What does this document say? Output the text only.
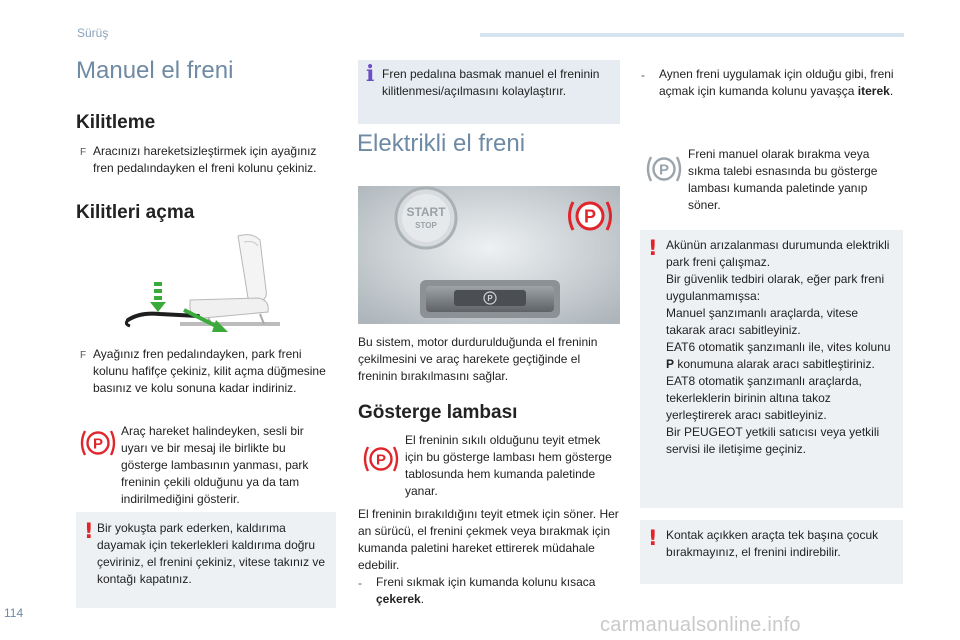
Sürüş
Manuel el freni
Kilitleme
F Aracınızı hareketsizleştirmek için ayağınız fren pedalındayken el freni kolunu çekiniz.
Kilitleri açma
F Ayağınız fren pedalındayken, park freni kolunu hafifçe çekiniz, kilit açma düğmesine basınız ve kolu sonuna kadar indiriniz.
P
Araç hareket halindeyken, sesli bir uyarı ve bir mesaj ile birlikte bu gösterge lambasının yanması, park freninin çekili olduğunu ya da tam indirilmediğini gösterir.
! Bir yokuşta park ederken, kaldırıma dayamak için tekerlekleri kaldırıma doğru çeviriniz, el frenini çekiniz, vitese takınız ve kontağı kapatınız.
i Fren pedalına basmak manuel el freninin kilitlenmesi/açılmasını kolaylaştırır.
Elektrikli el freni
START
STOP	P
P
Bu sistem, motor durdurulduğunda el freninin çekilmesini ve araç harekete geçtiğinde el freninin bırakılmasını sağlar.
Gösterge lambası
P
El freninin sıkılı olduğunu teyit etmek için bu gösterge lambası hem gösterge tablosunda hem kumanda paletinde yanar.
El freninin bırakıldığını teyit etmek için söner. Her an sürücü, el frenini çekmek veya bırakmak için kumanda paletini hareket ettirerek müdahale edebilir.
-	Freni sıkmak için kumanda kolunu kısaca çekerek.
-	Aynen freni uygulamak için olduğu gibi, freni açmak için kumanda kolunu yavaşça iterek.
P
Freni manuel olarak bırakma veya sıkma talebi esnasında bu gösterge lambası kumanda paletinde yanıp söner.
! Akünün arızalanması durumunda elektrikli park freni çalışmaz.
Bir güvenlik tedbiri olarak, eğer park freni uygulanmamışsa:
Manuel şanzımanlı araçlarda, vitese takarak aracı sabitleyiniz.
EAT6 otomatik şanzımanlı ile, vites kolunu P konumuna alarak aracı sabitleştiriniz.
EAT8 otomatik şanzımanlı araçlarda, tekerleklerin birinin altına takoz yerleştirerek aracı sabitleyiniz.
Bir PEUGEOT yetkili satıcısı veya yetkili servisi ile iletişime geçiniz.
! Kontak açıkken araçta tek başına çocuk bırakmayınız, el frenini indirebilir.
114
carmanualsonline.info
